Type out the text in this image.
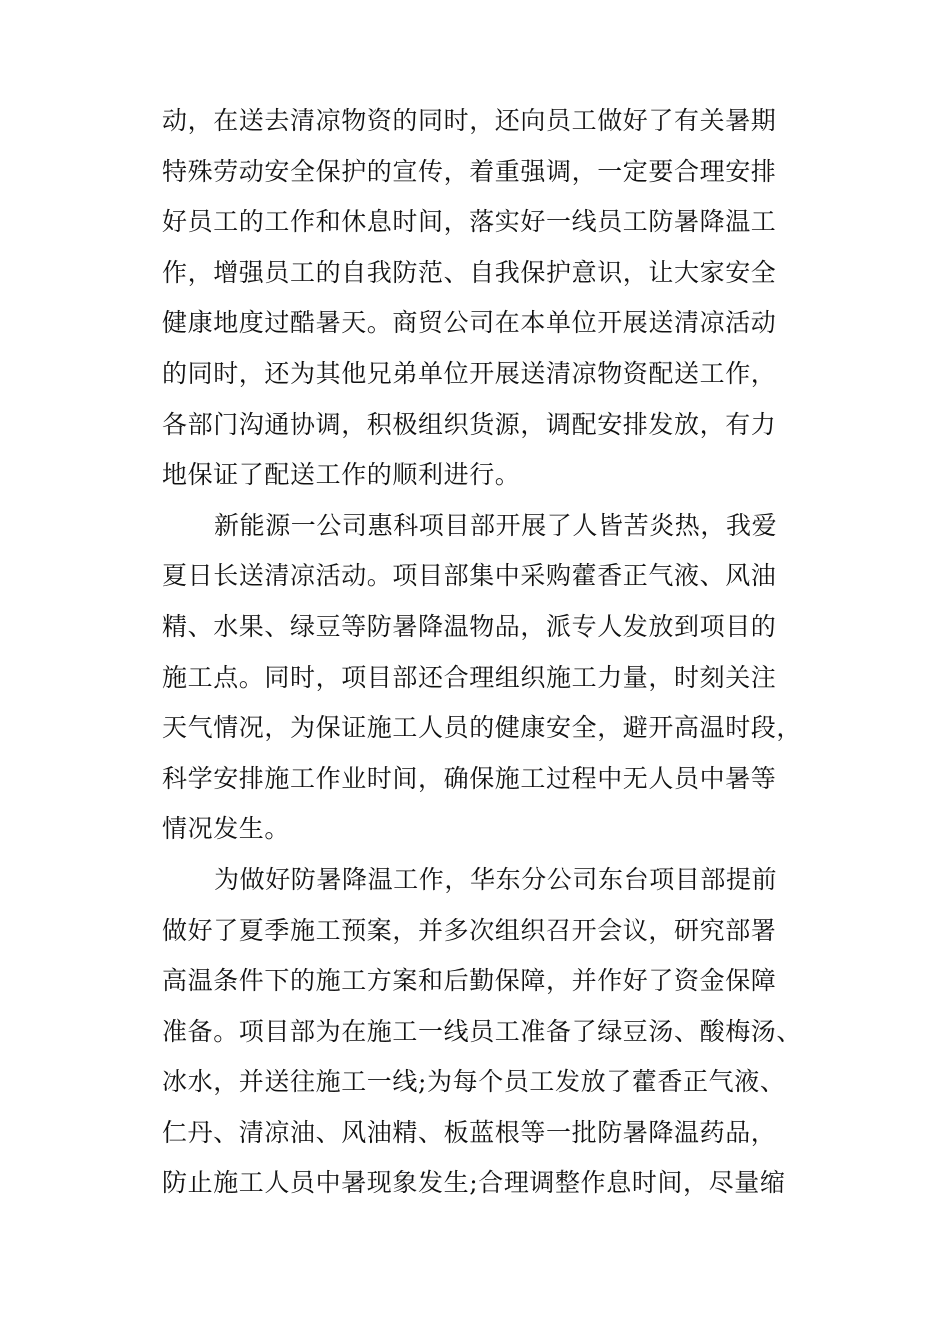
动，在送去清凉物资的同时，还向员工做好了有关暑期
特殊劳动安全保护的宣传，着重强调，一定要合理安排
好员工的工作和休息时间，落实好一线员工防暑降温工
作，增强员工的自我防范、自我保护意识，让大家安全
健康地度过酷暑天。商贸公司在本单位开展送清凉活动
的同时，还为其他兄弟单位开展送清凉物资配送工作，
各部门沟通协调，积极组织货源，调配安排发放，有力
地保证了配送工作的顺利进行。

新能源一公司惠科项目部开展了人皆苦炎热，我爱
夏日长送清凉活动。项目部集中采购藿香正气液、风油
精、水果、绿豆等防暑降温物品，派专人发放到项目的
施工点。同时，项目部还合理组织施工力量，时刻关注
天气情况，为保证施工人员的健康安全，避开高温时段，
科学安排施工作业时间，确保施工过程中无人员中暑等
情况发生。

为做好防暑降温工作，华东分公司东台项目部提前
做好了夏季施工预案，并多次组织召开会议，研究部署
高温条件下的施工方案和后勤保障，并作好了资金保障
准备。项目部为在施工一线员工准备了绿豆汤、酸梅汤、
冰水，并送往施工一线;为每个员工发放了藿香正气液、
仁丹、清凉油、风油精、板蓝根等一批防暑降温药品，
防止施工人员中暑现象发生;合理调整作息时间，尽量缩
